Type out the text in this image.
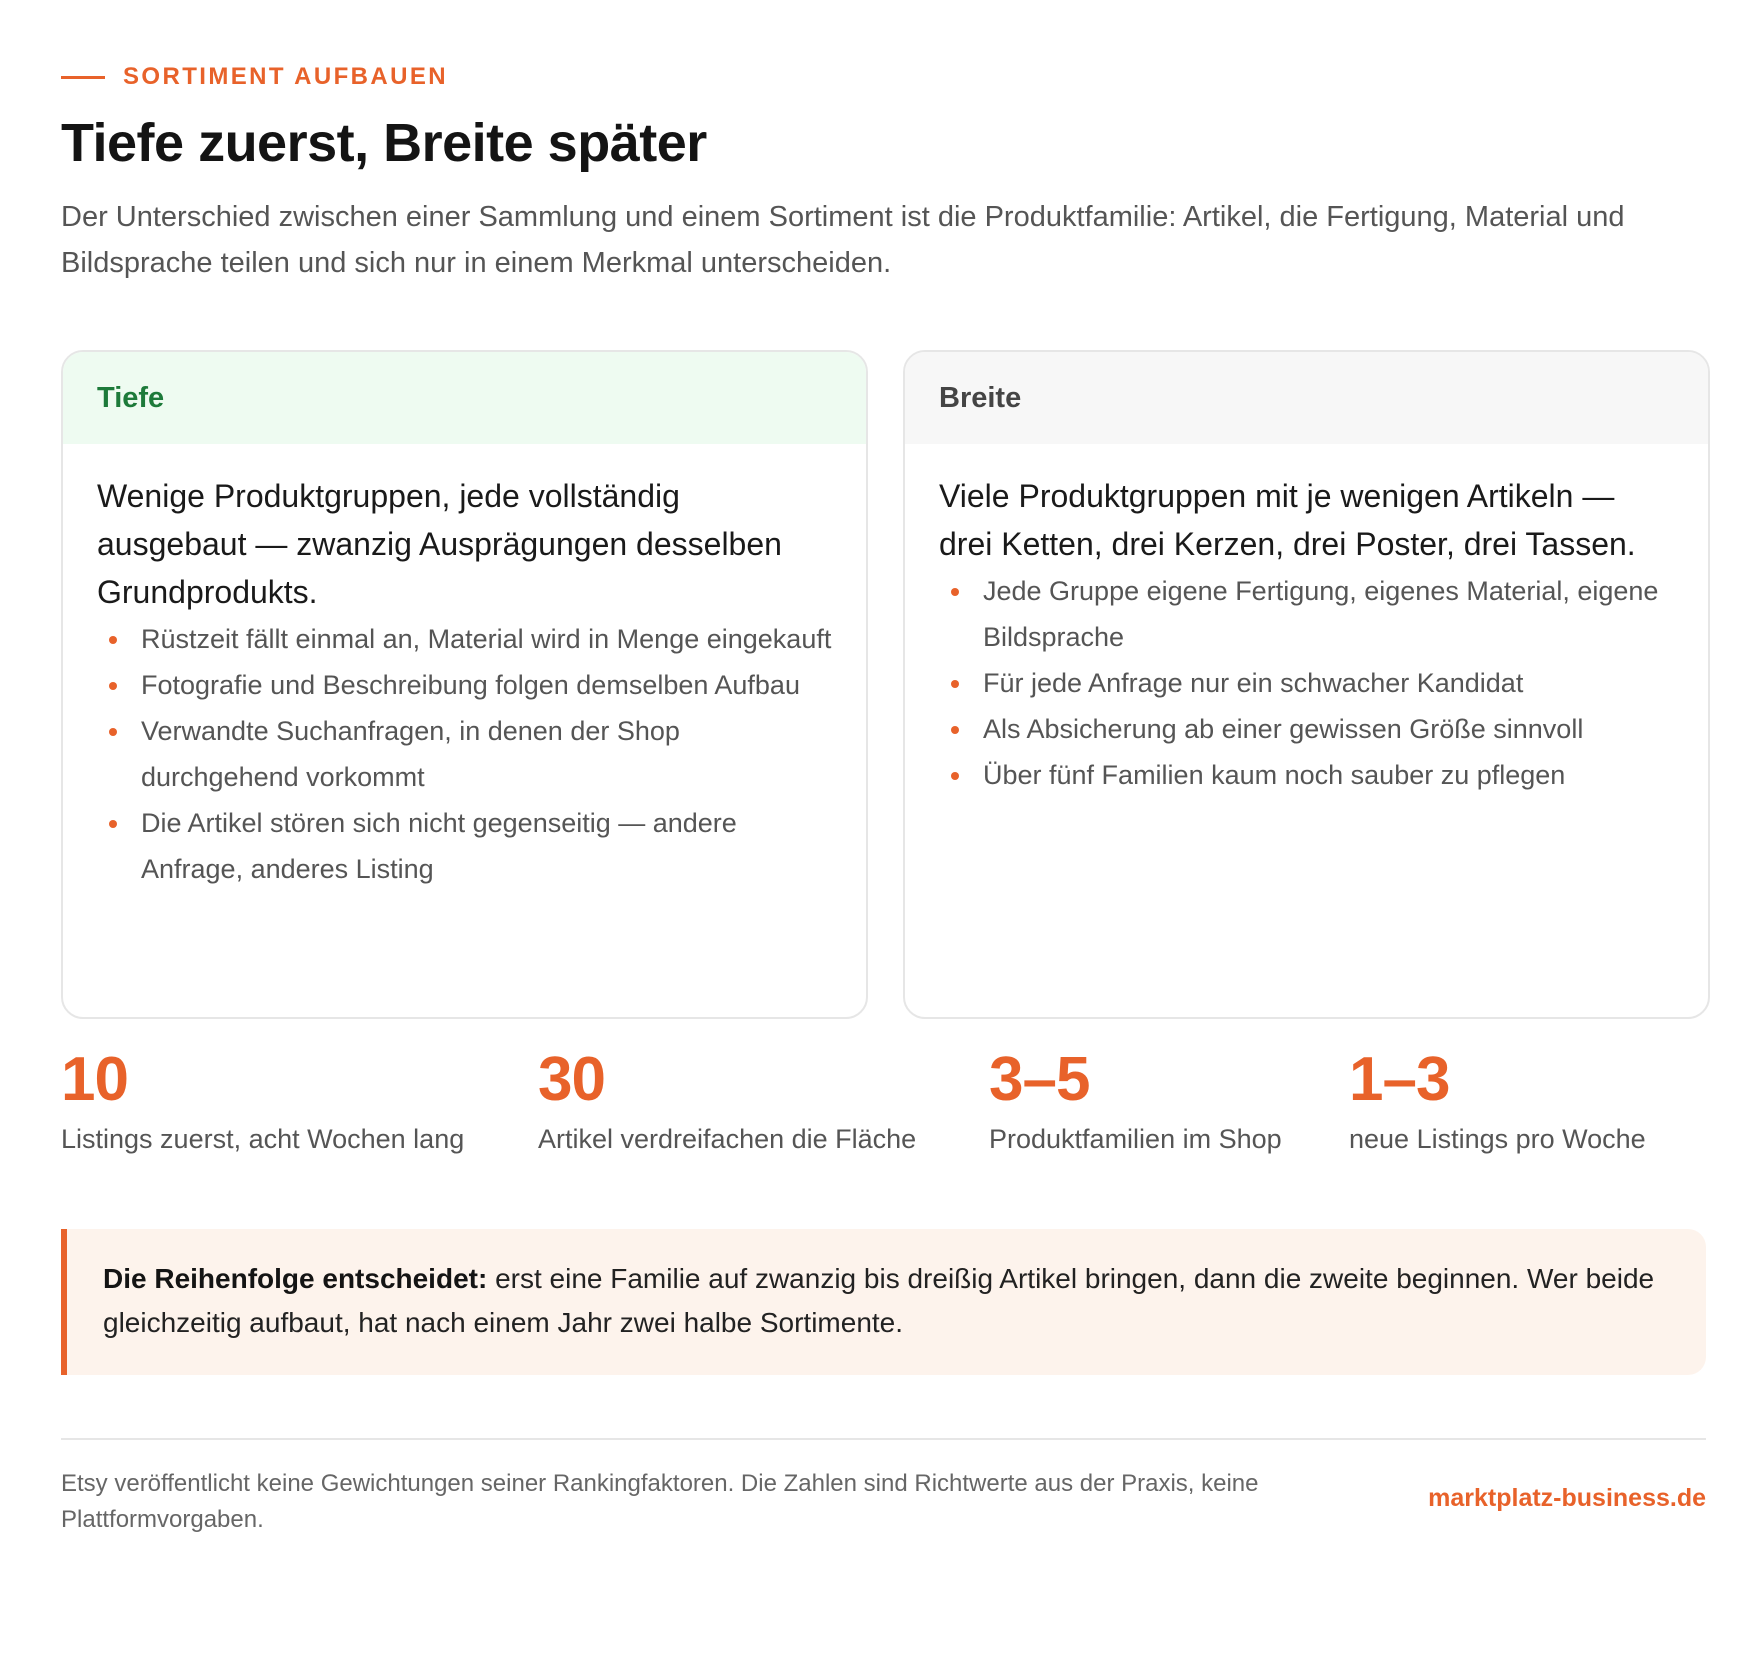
SORTIMENT AUFBAUEN
Tiefe zuerst, Breite später

Der Unterschied zwischen einer Sammlung und einem Sortiment ist die Produktfamilie: Artikel, die Fertigung, Material und Bildsprache teilen und sich nur in einem Merkmal unterscheiden.

Tiefe

Wenige Produktgruppen, jede vollständig ausgebaut — zwanzig Ausprägungen desselben Grundprodukts.

Rüstzeit fällt einmal an, Material wird in Menge eingekauft
Fotografie und Beschreibung folgen demselben Aufbau
Verwandte Suchanfragen, in denen der Shop durchgehend vorkommt
Die Artikel stören sich nicht gegenseitig — andere Anfrage, anderes Listing
Breite

Viele Produktgruppen mit je wenigen Artikeln — drei Ketten, drei Kerzen, drei Poster, drei Tassen.

Jede Gruppe eigene Fertigung, eigenes Material, eigene Bildsprache
Für jede Anfrage nur ein schwacher Kandidat
Als Absicherung ab einer gewissen Größe sinnvoll
Über fünf Familien kaum noch sauber zu pflegen
10
Listings zuerst, acht Wochen lang
30
Artikel verdreifachen die Fläche
3–5
Produktfamilien im Shop
1–3
neue Listings pro Woche
Die Reihenfolge entscheidet: erst eine Familie auf zwanzig bis dreißig Artikel bringen, dann die zweite beginnen. Wer beide gleichzeitig aufbaut, hat nach einem Jahr zwei halbe Sortimente.
Etsy veröffentlicht keine Gewichtungen seiner Rankingfaktoren. Die Zahlen sind Richtwerte aus der Praxis, keine Plattformvorgaben.
marktplatz-business.de
